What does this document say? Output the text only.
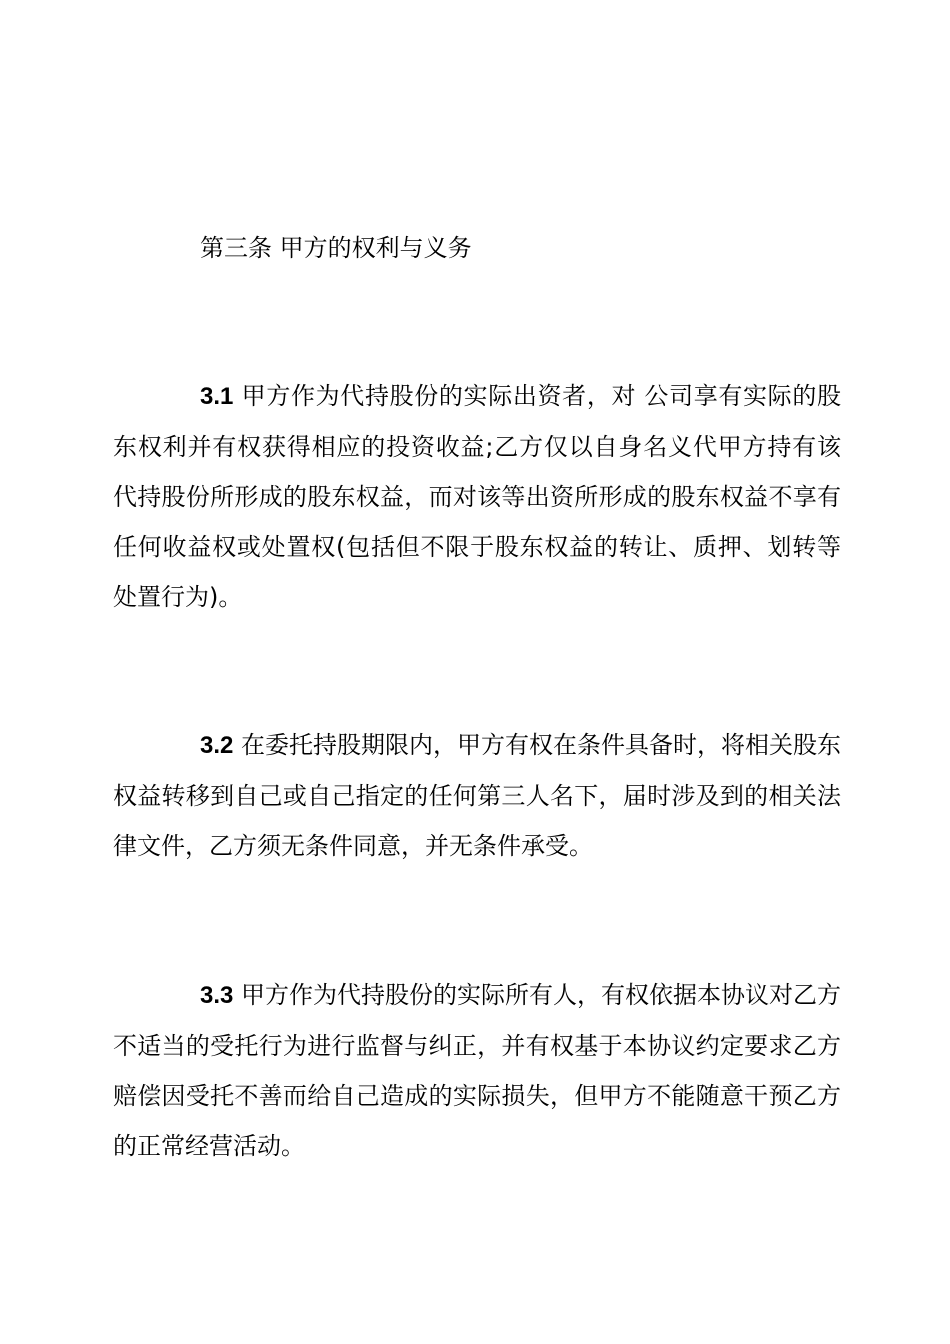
第三条 甲方的权利与义务

3.1 甲方作为代持股份的实际出资者，对 公司享有实际的股东权利并有权获得相应的投资收益;乙方仅以自身名义代甲方持有该代持股份所形成的股东权益，而对该等出资所形成的股东权益不享有任何收益权或处置权(包括但不限于股东权益的转让、质押、划转等处置行为)。

3.2 在委托持股期限内，甲方有权在条件具备时，将相关股东权益转移到自己或自己指定的任何第三人名下，届时涉及到的相关法律文件，乙方须无条件同意，并无条件承受。

3.3 甲方作为代持股份的实际所有人，有权依据本协议对乙方不适当的受托行为进行监督与纠正，并有权基于本协议约定要求乙方赔偿因受托不善而给自己造成的实际损失，但甲方不能随意干预乙方的正常经营活动。
